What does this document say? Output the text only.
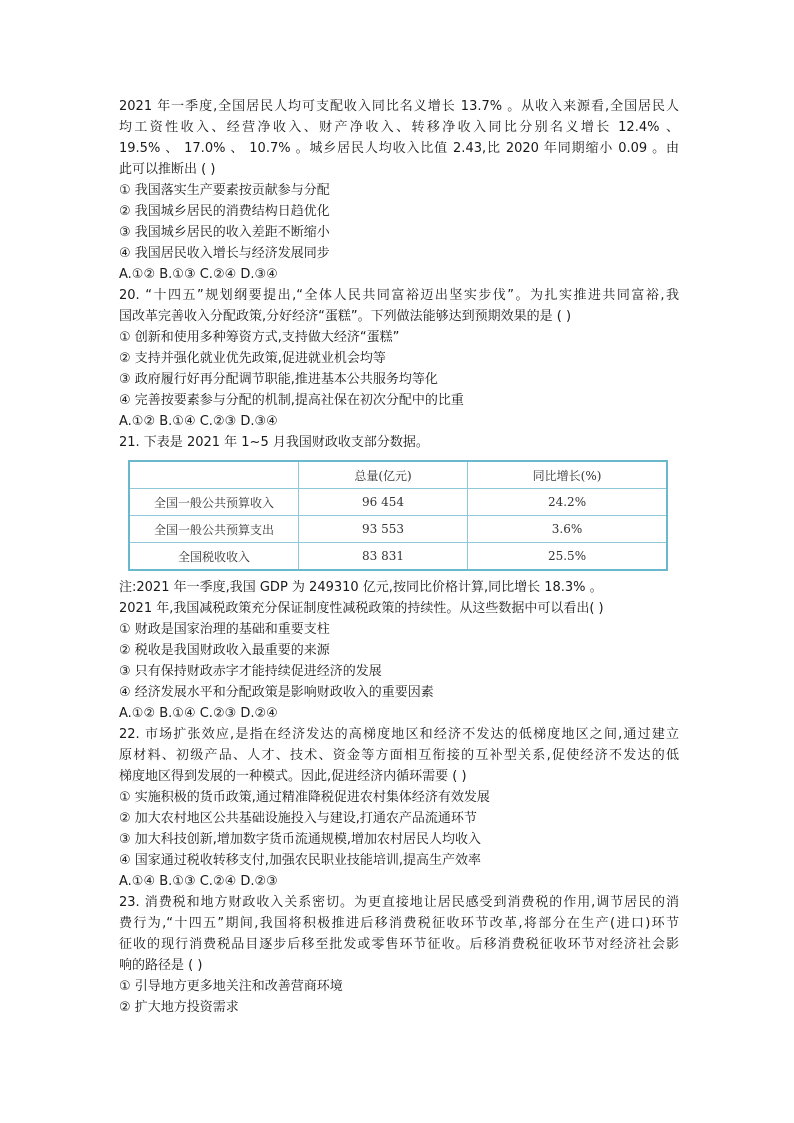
2021 年一季度,全国居民人均可支配收入同比名义增长 13.7% 。从收入来源看,全国居民人
均工资性收入、经营净收入、财产净收入、转移净收入同比分别名义增长 12.4% 、
19.5% 、 17.0% 、 10.7% 。城乡居民人均收入比值 2.43,比 2020 年同期缩小 0.09 。由
此可以推断出 ( )
① 我国落实生产要素按贡献参与分配
② 我国城乡居民的消费结构日趋优化
③ 我国城乡居民的收入差距不断缩小
④ 我国居民收入增长与经济发展同步
A.①② B.①③ C.②④ D.③④
20. “十四五”规划纲要提出,“全体人民共同富裕迈出坚实步伐”。为扎实推进共同富裕,我
国改革完善收入分配政策,分好经济“蛋糕”。下列做法能够达到预期效果的是 ( )
① 创新和使用多种筹资方式,支持做大经济“蛋糕”
② 支持并强化就业优先政策,促进就业机会均等
③ 政府履行好再分配调节职能,推进基本公共服务均等化
④ 完善按要素参与分配的机制,提高社保在初次分配中的比重
A.①② B.①④ C.②③ D.③④
21. 下表是 2021 年 1~5 月我国财政收支部分数据。
	总量(亿元)	同比增长(%)
全国一般公共预算收入	96 454	24.2%
全国一般公共预算支出	93 553	3.6%
全国税收收入	83 831	25.5%
注:2021 年一季度,我国 GDP 为 249310 亿元,按同比价格计算,同比增长 18.3% 。
2021 年,我国减税政策充分保证制度性减税政策的持续性。从这些数据中可以看出( )
① 财政是国家治理的基础和重要支柱
② 税收是我国财政收入最重要的来源
③ 只有保持财政赤字才能持续促进经济的发展
④ 经济发展水平和分配政策是影响财政收入的重要因素
A.①② B.①④ C.②③ D.②④
22. 市场扩张效应,是指在经济发达的高梯度地区和经济不发达的低梯度地区之间,通过建立
原材料、初级产品、人才、技术、资金等方面相互衔接的互补型关系,促使经济不发达的低
梯度地区得到发展的一种模式。因此,促进经济内循环需要 ( )
① 实施积极的货币政策,通过精准降税促进农村集体经济有效发展
② 加大农村地区公共基础设施投入与建设,打通农产品流通环节
③ 加大科技创新,增加数字货币流通规模,增加农村居民人均收入
④ 国家通过税收转移支付,加强农民职业技能培训,提高生产效率
A.①④ B.①③ C.②④ D.②③
23. 消费税和地方财政收入关系密切。为更直接地让居民感受到消费税的作用,调节居民的消
费行为,“十四五”期间,我国将积极推进后移消费税征收环节改革,将部分在生产(进口)环节
征收的现行消费税品目逐步后移至批发或零售环节征收。后移消费税征收环节对经济社会影
响的路径是 ( )
① 引导地方更多地关注和改善营商环境
② 扩大地方投资需求
